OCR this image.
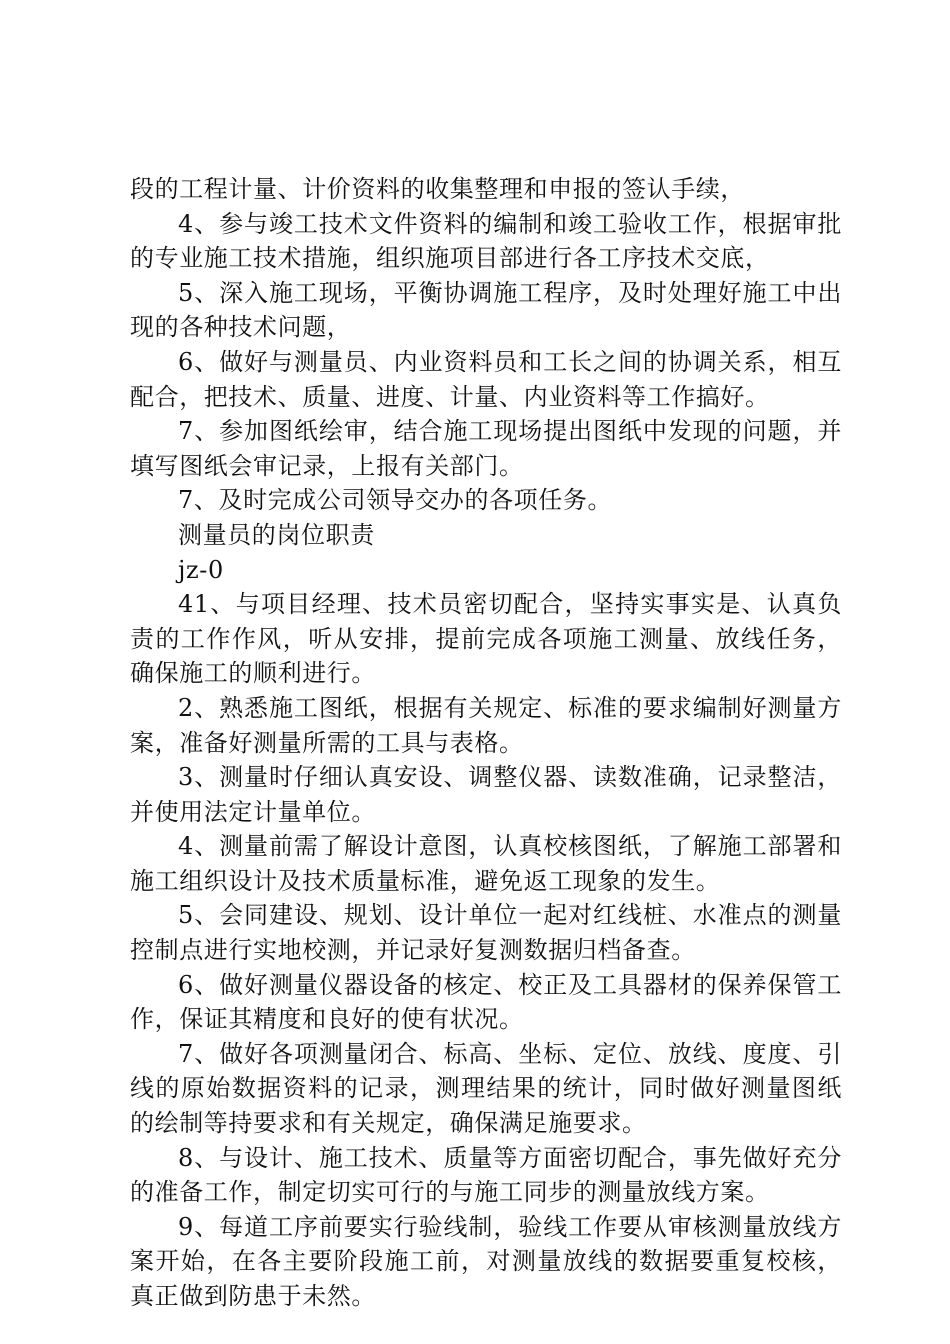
段的工程计量、计价资料的收集整理和申报的签认手续，

4、参与竣工技术文件资料的编制和竣工验收工作，根据审批的专业施工技术措施，组织施项目部进行各工序技术交底，

5、深入施工现场，平衡协调施工程序，及时处理好施工中出现的各种技术问题，

6、做好与测量员、内业资料员和工长之间的协调关系，相互配合，把技术、质量、进度、计量、内业资料等工作搞好。

7、参加图纸绘审，结合施工现场提出图纸中发现的问题，并填写图纸会审记录，上报有关部门。

7、及时完成公司领导交办的各项任务。

测量员的岗位职责

jz-0

41、与项目经理、技术员密切配合，坚持实事实是、认真负责的工作作风，听从安排，提前完成各项施工测量、放线任务，确保施工的顺利进行。

2、熟悉施工图纸，根据有关规定、标准的要求编制好测量方案，准备好测量所需的工具与表格。

3、测量时仔细认真安设、调整仪器、读数准确，记录整洁，并使用法定计量单位。

4、测量前需了解设计意图，认真校核图纸，了解施工部署和施工组织设计及技术质量标准，避免返工现象的发生。

5、会同建设、规划、设计单位一起对红线桩、水准点的测量控制点进行实地校测，并记录好复测数据归档备查。

6、做好测量仪器设备的核定、校正及工具器材的保养保管工作，保证其精度和良好的使有状况。

7、做好各项测量闭合、标高、坐标、定位、放线、度度、引线的原始数据资料的记录，测理结果的统计，同时做好测量图纸的绘制等持要求和有关规定，确保满足施要求。

8、与设计、施工技术、质量等方面密切配合，事先做好充分的准备工作，制定切实可行的与施工同步的测量放线方案。

9、每道工序前要实行验线制，验线工作要从审核测量放线方案开始，在各主要阶段施工前，对测量放线的数据要重复校核，真正做到防患于未然。
